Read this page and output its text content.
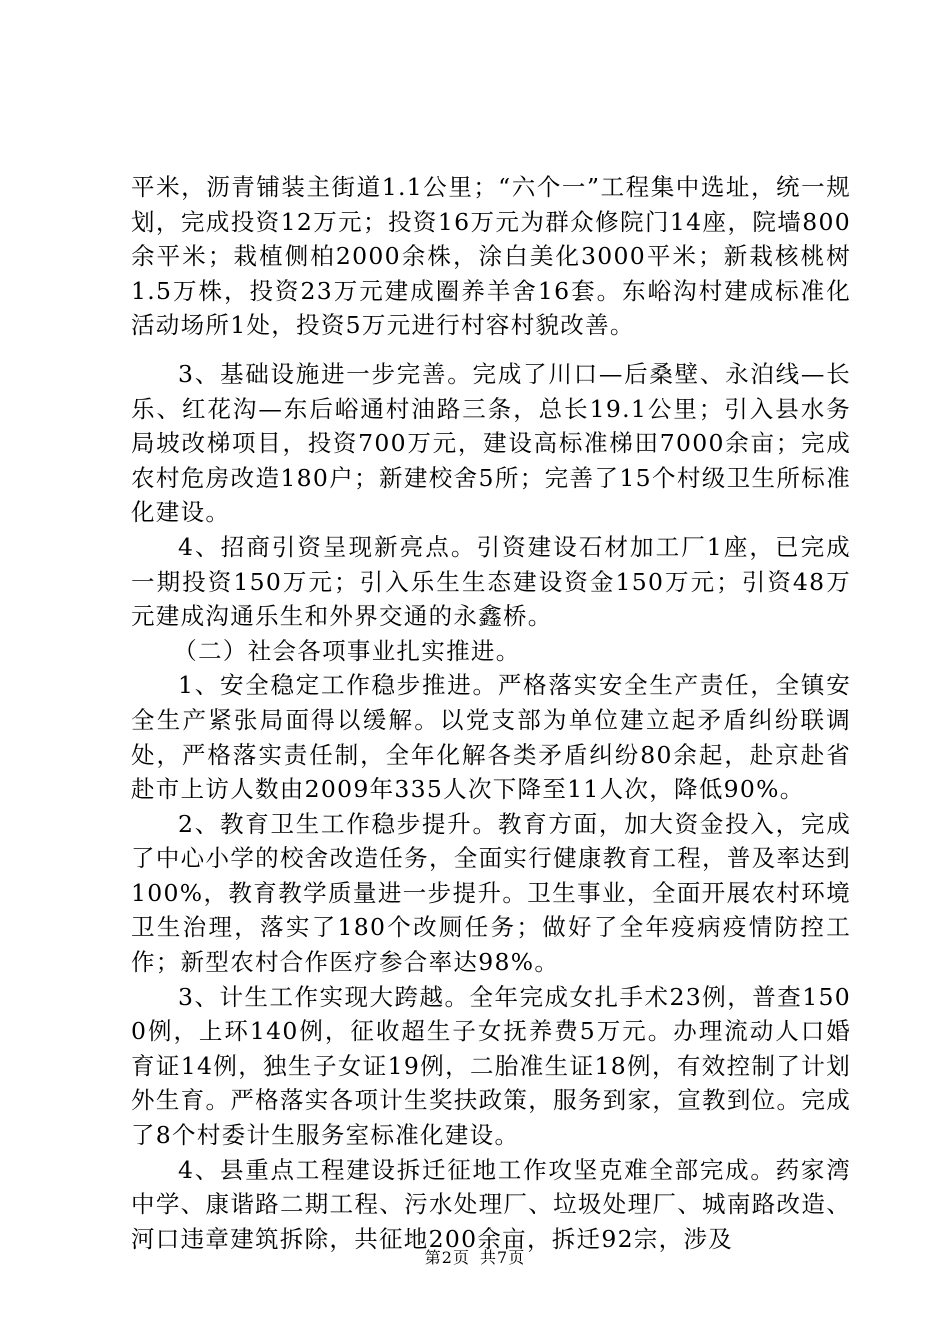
平米，沥青铺装主街道1.1公里；“六个一”工程集中选址，统一规划，完成投资12万元；投资16万元为群众修院门14座，院墙800余平米；栽植侧柏2000余株，涂白美化3000平米；新栽核桃树1.5万株，投资23万元建成圈养羊舍16套。东峪沟村建成标准化活动场所1处，投资5万元进行村容村貌改善。

3、基础设施进一步完善。完成了川口—后桑壁、永泊线—长乐、红花沟—东后峪通村油路三条，总长19.1公里；引入县水务局坡改梯项目，投资700万元，建设高标准梯田7000余亩；完成农村危房改造180户；新建校舍5所；完善了15个村级卫生所标准化建设。

4、招商引资呈现新亮点。引资建设石材加工厂1座，已完成一期投资150万元；引入乐生生态建设资金150万元；引资48万元建成沟通乐生和外界交通的永鑫桥。

（二）社会各项事业扎实推进。

1、安全稳定工作稳步推进。严格落实安全生产责任，全镇安全生产紧张局面得以缓解。以党支部为单位建立起矛盾纠纷联调处，严格落实责任制，全年化解各类矛盾纠纷80余起，赴京赴省赴市上访人数由2009年335人次下降至11人次，降低90%。

2、教育卫生工作稳步提升。教育方面，加大资金投入，完成了中心小学的校舍改造任务，全面实行健康教育工程，普及率达到100%，教育教学质量进一步提升。卫生事业，全面开展农村环境卫生治理，落实了180个改厕任务；做好了全年疫病疫情防控工作；新型农村合作医疗参合率达98%。

3、计生工作实现大跨越。全年完成女扎手术23例，普查1500例，上环140例，征收超生子女抚养费5万元。办理流动人口婚育证14例，独生子女证19例，二胎准生证18例，有效控制了计划外生育。严格落实各项计生奖扶政策，服务到家，宣教到位。完成了8个村委计生服务室标准化建设。

4、县重点工程建设拆迁征地工作攻坚克难全部完成。药家湾中学、康谐路二期工程、污水处理厂、垃圾处理厂、城南路改造、河口违章建筑拆除，共征地200余亩，拆迁92宗，涉及

第2页 共7页
